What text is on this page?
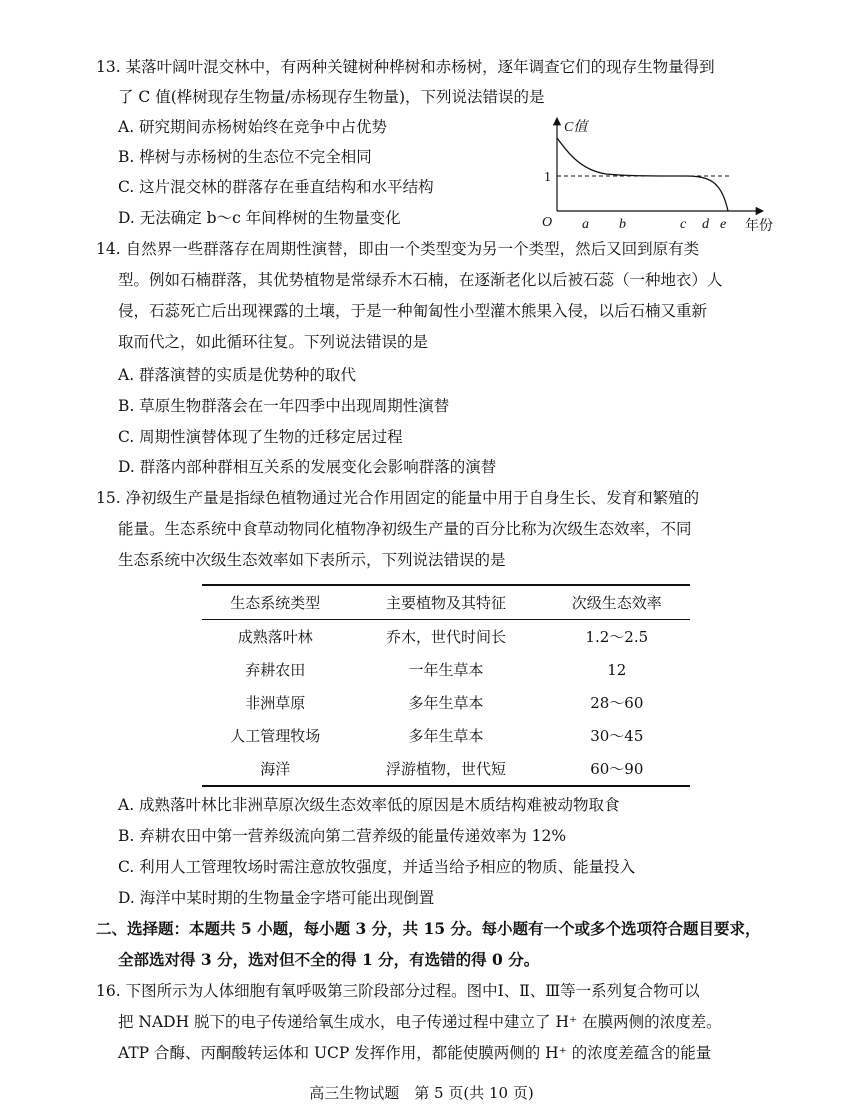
13. 某落叶阔叶混交林中，有两种关键树种桦树和赤杨树，逐年调查它们的现存生物量得到
了 C 值(桦树现存生物量/赤杨现存生物量)，下列说法错误的是
A. 研究期间赤杨树始终在竞争中占优势
B. 桦树与赤杨树的生态位不完全相同
C. 这片混交林的群落存在垂直结构和水平结构
D. 无法确定 b～c 年间桦树的生物量变化
C值
1
O a b	c d e 年份
14. 自然界一些群落存在周期性演替，即由一个类型变为另一个类型，然后又回到原有类
型。例如石楠群落，其优势植物是常绿乔木石楠，在逐渐老化以后被石蕊（一种地衣）人
侵，石蕊死亡后出现裸露的土壤，于是一种匍匐性小型灌木熊果入侵，以后石楠又重新
取而代之，如此循环往复。下列说法错误的是
A. 群落演替的实质是优势种的取代
B. 草原生物群落会在一年四季中出现周期性演替
C. 周期性演替体现了生物的迁移定居过程
D. 群落内部种群相互关系的发展变化会影响群落的演替
15. 净初级生产量是指绿色植物通过光合作用固定的能量中用于自身生长、发育和繁殖的
能量。生态系统中食草动物同化植物净初级生产量的百分比称为次级生态效率，不同
生态系统中次级生态效率如下表所示，下列说法错误的是
生态系统类型	主要植物及其特征	次级生态效率
成熟落叶林	乔木，世代时间长	1.2～2.5
弃耕农田	一年生草本	12
非洲草原	多年生草本	28～60
人工管理牧场	多年生草本	30～45
海洋	浮游植物，世代短	60～90
A. 成熟落叶林比非洲草原次级生态效率低的原因是木质结构难被动物取食
B. 弃耕农田中第一营养级流向第二营养级的能量传递效率为 12%
C. 利用人工管理牧场时需注意放牧强度，并适当给予相应的物质、能量投入
D. 海洋中某时期的生物量金字塔可能出现倒置
二、选择题：本题共 5 小题，每小题 3 分，共 15 分。每小题有一个或多个选项符合题目要求，
全部选对得 3 分，选对但不全的得 1 分，有选错的得 0 分。
16. 下图所示为人体细胞有氧呼吸第三阶段部分过程。图中Ⅰ、Ⅱ、Ⅲ等一系列复合物可以
把 NADH 脱下的电子传递给氧生成水，电子传递过程中建立了 H⁺ 在膜两侧的浓度差。
ATP 合酶、丙酮酸转运体和 UCP 发挥作用，都能使膜两侧的 H⁺ 的浓度差蕴含的能量
高三生物试题　第 5 页(共 10 页)
